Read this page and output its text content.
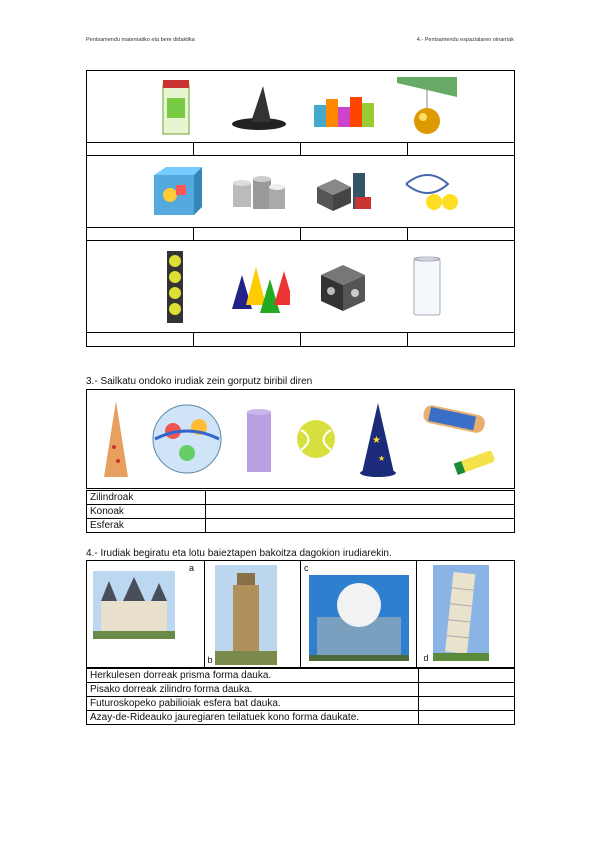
Pentsamendu matematiko eta bere didaktika	4.- Pentsamendu espazialaren oinarriak
3.- Sailkatu ondoko irudiak zein gorputz biribil diren
★
★
Zilindroak	
Konoak	
Esferak	
4.- Irudiak begiratu eta lotu baieztapen bakoitza dagokion irudiarekin.
a
b
c
d
Herkulesen dorreak prisma forma dauka.	
Pisako dorreak zilindro forma dauka.	
Futuroskopeko pabilioiak esfera bat dauka.	
Azay-de-Rideauko jauregiaren teilatuek kono forma daukate.	
